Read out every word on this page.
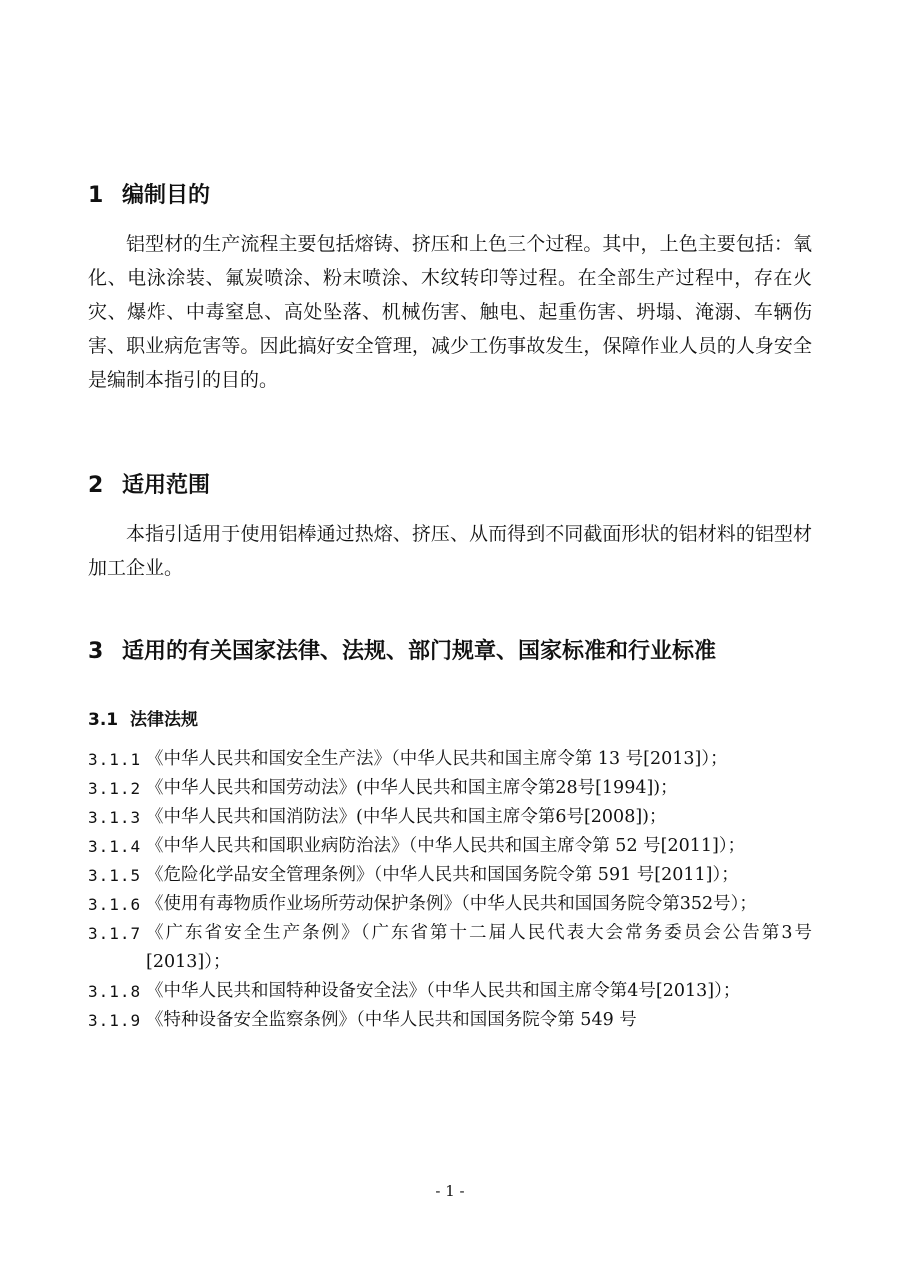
1 编制目的
铝型材的生产流程主要包括熔铸、挤压和上色三个过程。其中，上色主要包括：氧化、电泳涂装、氟炭喷涂、粉末喷涂、木纹转印等过程。在全部生产过程中，存在火灾、爆炸、中毒窒息、高处坠落、机械伤害、触电、起重伤害、坍塌、淹溺、车辆伤害、职业病危害等。因此搞好安全管理，减少工伤事故发生，保障作业人员的人身安全是编制本指引的目的。
2 适用范围
本指引适用于使用铝棒通过热熔、挤压、从而得到不同截面形状的铝材料的铝型材加工企业。
3 适用的有关国家法律、法规、部门规章、国家标准和行业标准
3.1 法律法规
3.1.1 《中华人民共和国安全生产法》（中华人民共和国主席令第 13 号[2013]）；
3.1.2 《中华人民共和国劳动法》(中华人民共和国主席令第28号[1994])；
3.1.3 《中华人民共和国消防法》(中华人民共和国主席令第6号[2008])；
3.1.4 《中华人民共和国职业病防治法》（中华人民共和国主席令第 52 号[2011]）；
3.1.5 《危险化学品安全管理条例》（中华人民共和国国务院令第 591 号[2011]）；
3.1.6 《使用有毒物质作业场所劳动保护条例》（中华人民共和国国务院令第352号）；
3.1.7 《广东省安全生产条例》（广东省第十二届人民代表大会常务委员会公告第3号[2013]）；
3.1.8 《中华人民共和国特种设备安全法》（中华人民共和国主席令第4号[2013]）；
3.1.9 《特种设备安全监察条例》（中华人民共和国国务院令第 549 号
- 1 -
